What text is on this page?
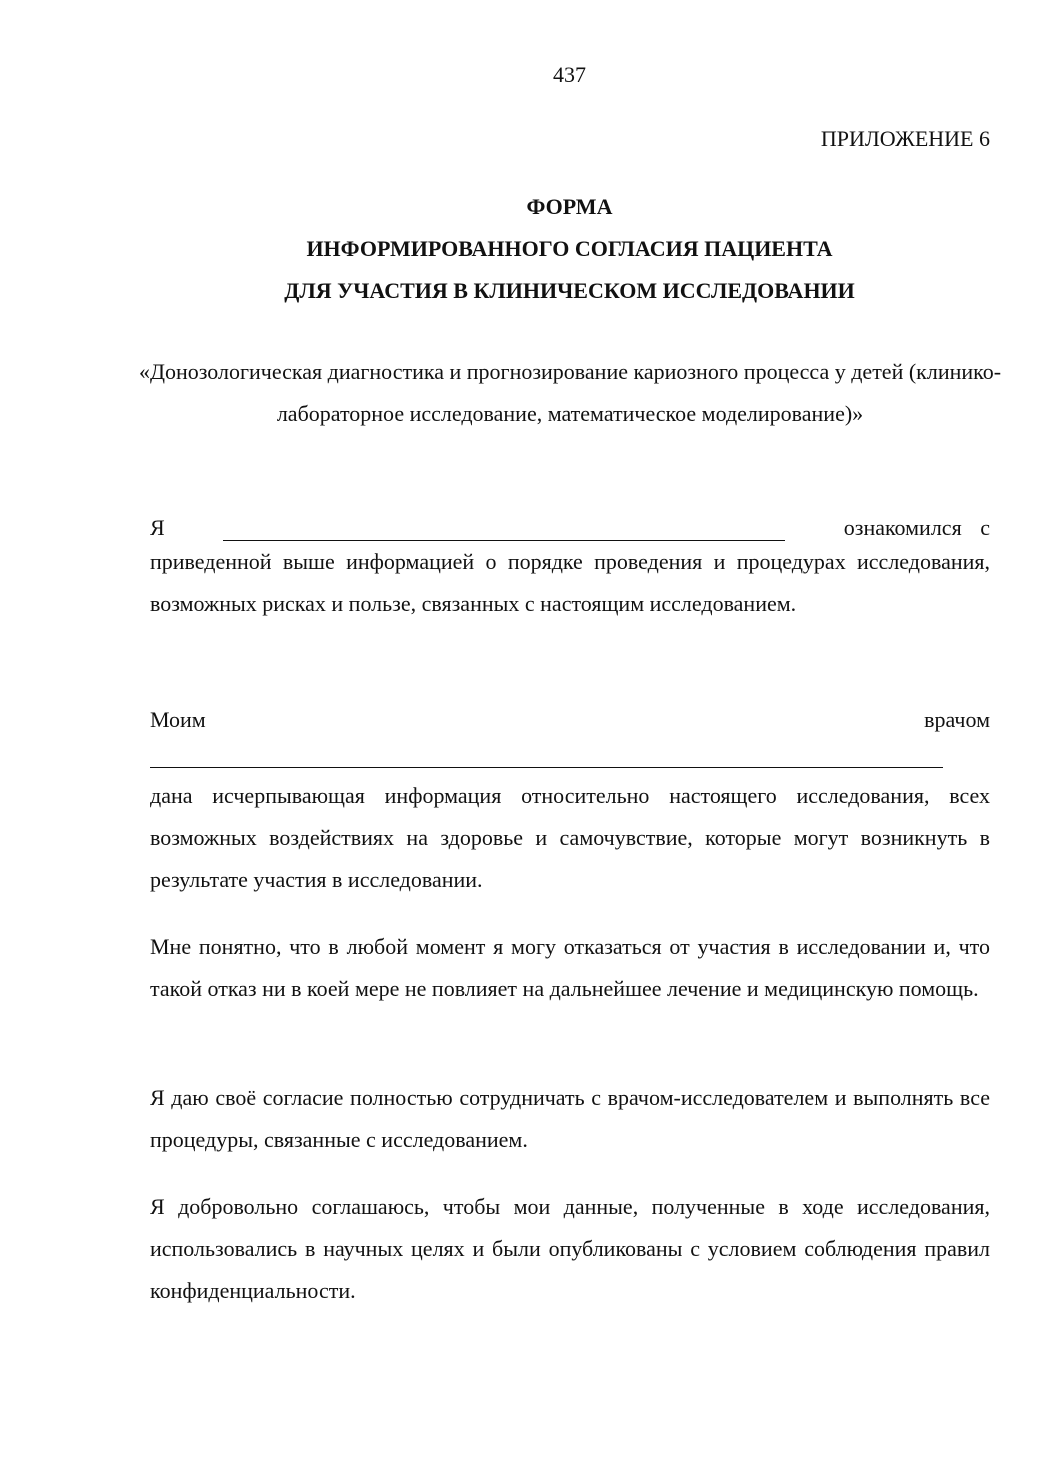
437
ПРИЛОЖЕНИЕ 6
ФОРМА
ИНФОРМИРОВАННОГО СОГЛАСИЯ ПАЦИЕНТА
ДЛЯ УЧАСТИЯ В КЛИНИЧЕСКОМ ИССЛЕДОВАНИИ
«Донозологическая диагностика и прогнозирование кариозного процесса у детей (клинико-лабораторное исследование, математическое моделирование)»
Я	ознакомился с

приведенной выше информацией о порядке проведения и процедурах исследования, возможных рисках и пользе, связанных с настоящим исследованием.

Моим	врачом

дана исчерпывающая информация относительно настоящего исследования, всех возможных воздействиях на здоровье и самочувствие, которые могут возникнуть в результате участия в исследовании.

Мне понятно, что в любой момент я могу отказаться от участия в исследовании и, что такой отказ ни в коей мере не повлияет на дальнейшее лечение и медицинскую помощь.

Я даю своё согласие полностью сотрудничать с врачом-исследователем и выполнять все процедуры, связанные с исследованием.

Я добровольно соглашаюсь, чтобы мои данные, полученные в ходе исследования, использовались в научных целях и были опубликованы с условием соблюдения правил конфиденциальности.
